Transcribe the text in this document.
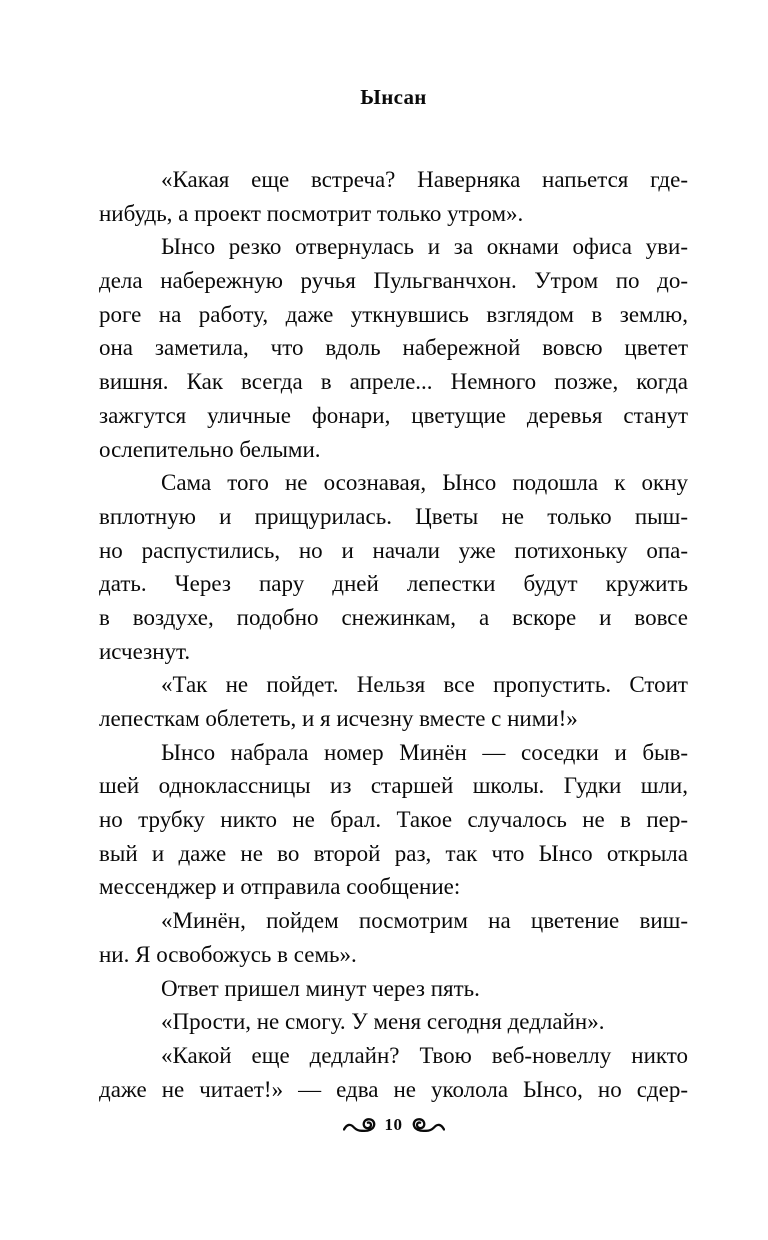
Ынсан
«Какая еще встреча? Наверняка напьется где-
нибудь, а проект посмотрит только утром».
Ынсо резко отвернулась и за окнами офиса уви-
дела набережную ручья Пульгванчхон. Утром по до-
роге на работу, даже уткнувшись взглядом в землю,
она заметила, что вдоль набережной вовсю цветет
вишня. Как всегда в апреле... Немного позже, когда
зажгутся уличные фонари, цветущие деревья станут
ослепительно белыми.
Сама того не осознавая, Ынсо подошла к окну
вплотную и прищурилась. Цветы не только пыш-
но распустились, но и начали уже потихоньку опа-
дать. Через пару дней лепестки будут кружить
в воздухе, подобно снежинкам, а вскоре и вовсе
исчезнут.
«Так не пойдет. Нельзя все пропустить. Стоит
лепесткам облететь, и я исчезну вместе с ними!»
Ынсо набрала номер Минён — соседки и быв-
шей одноклассницы из старшей школы. Гудки шли,
но трубку никто не брал. Такое случалось не в пер-
вый и даже не во второй раз, так что Ынсо открыла
мессенджер и отправила сообщение:
«Минён, пойдем посмотрим на цветение виш-
ни. Я освобожусь в семь».
Ответ пришел минут через пять.
«Прости, не смогу. У меня сегодня дедлайн».
«Какой еще дедлайн? Твою веб-новеллу никто
даже не читает!» — едва не уколола Ынсо, но сдер-
10
